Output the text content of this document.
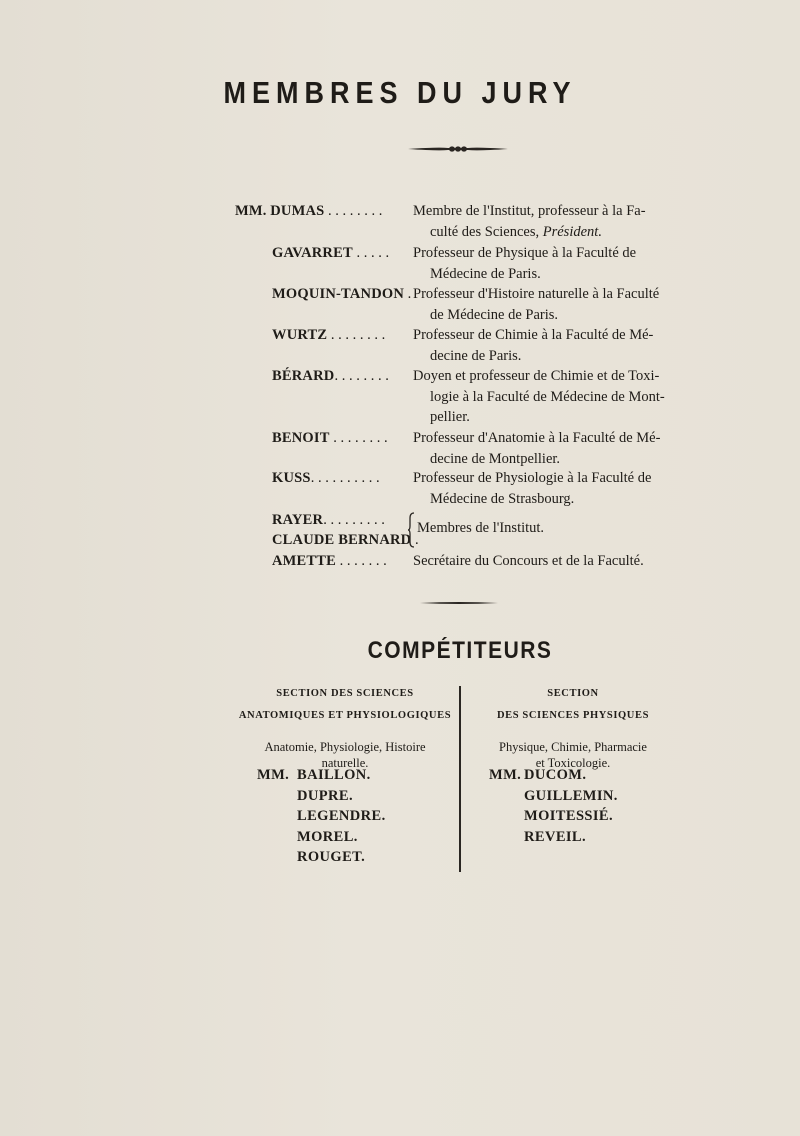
MEMBRES DU JURY
MM. DUMAS . . . . . . . . Membre de l'Institut, professeur à la Fa-
culté des Sciences, Président.
GAVARRET . . . . . Professeur de Physique à la Faculté de
Médecine de Paris.
MOQUIN-TANDON . Professeur d'Histoire naturelle à la Faculté
de Médecine de Paris.
WURTZ . . . . . . . . Professeur de Chimie à la Faculté de Mé-
decine de Paris.
BÉRARD. . . . . . . . Doyen et professeur de Chimie et de Toxi-
logie à la Faculté de Médecine de Mont-
pellier.
BENOIT . . . . . . . . Professeur d'Anatomie à la Faculté de Mé-
decine de Montpellier.
KUSS. . . . . . . . . . Professeur de Physiologie à la Faculté de
Médecine de Strasbourg.
RAYER. . . . . . . . .
CLAUDE BERNARD .
Membres de l'Institut.
AMETTE . . . . . . . Secrétaire du Concours et de la Faculté.
COMPÉTITEURS
SECTION DES SCIENCES
ANATOMIQUES ET PHYSIOLOGIQUES
Anatomie, Physiologie, Histoire
naturelle.
MM. BAILLON.
DUPRE.
LEGENDRE.
MOREL.
ROUGET.
SECTION
DES SCIENCES PHYSIQUES
Physique, Chimie, Pharmacie
et Toxicologie.
MM. DUCOM.
GUILLEMIN.
MOITESSIÉ.
REVEIL.
